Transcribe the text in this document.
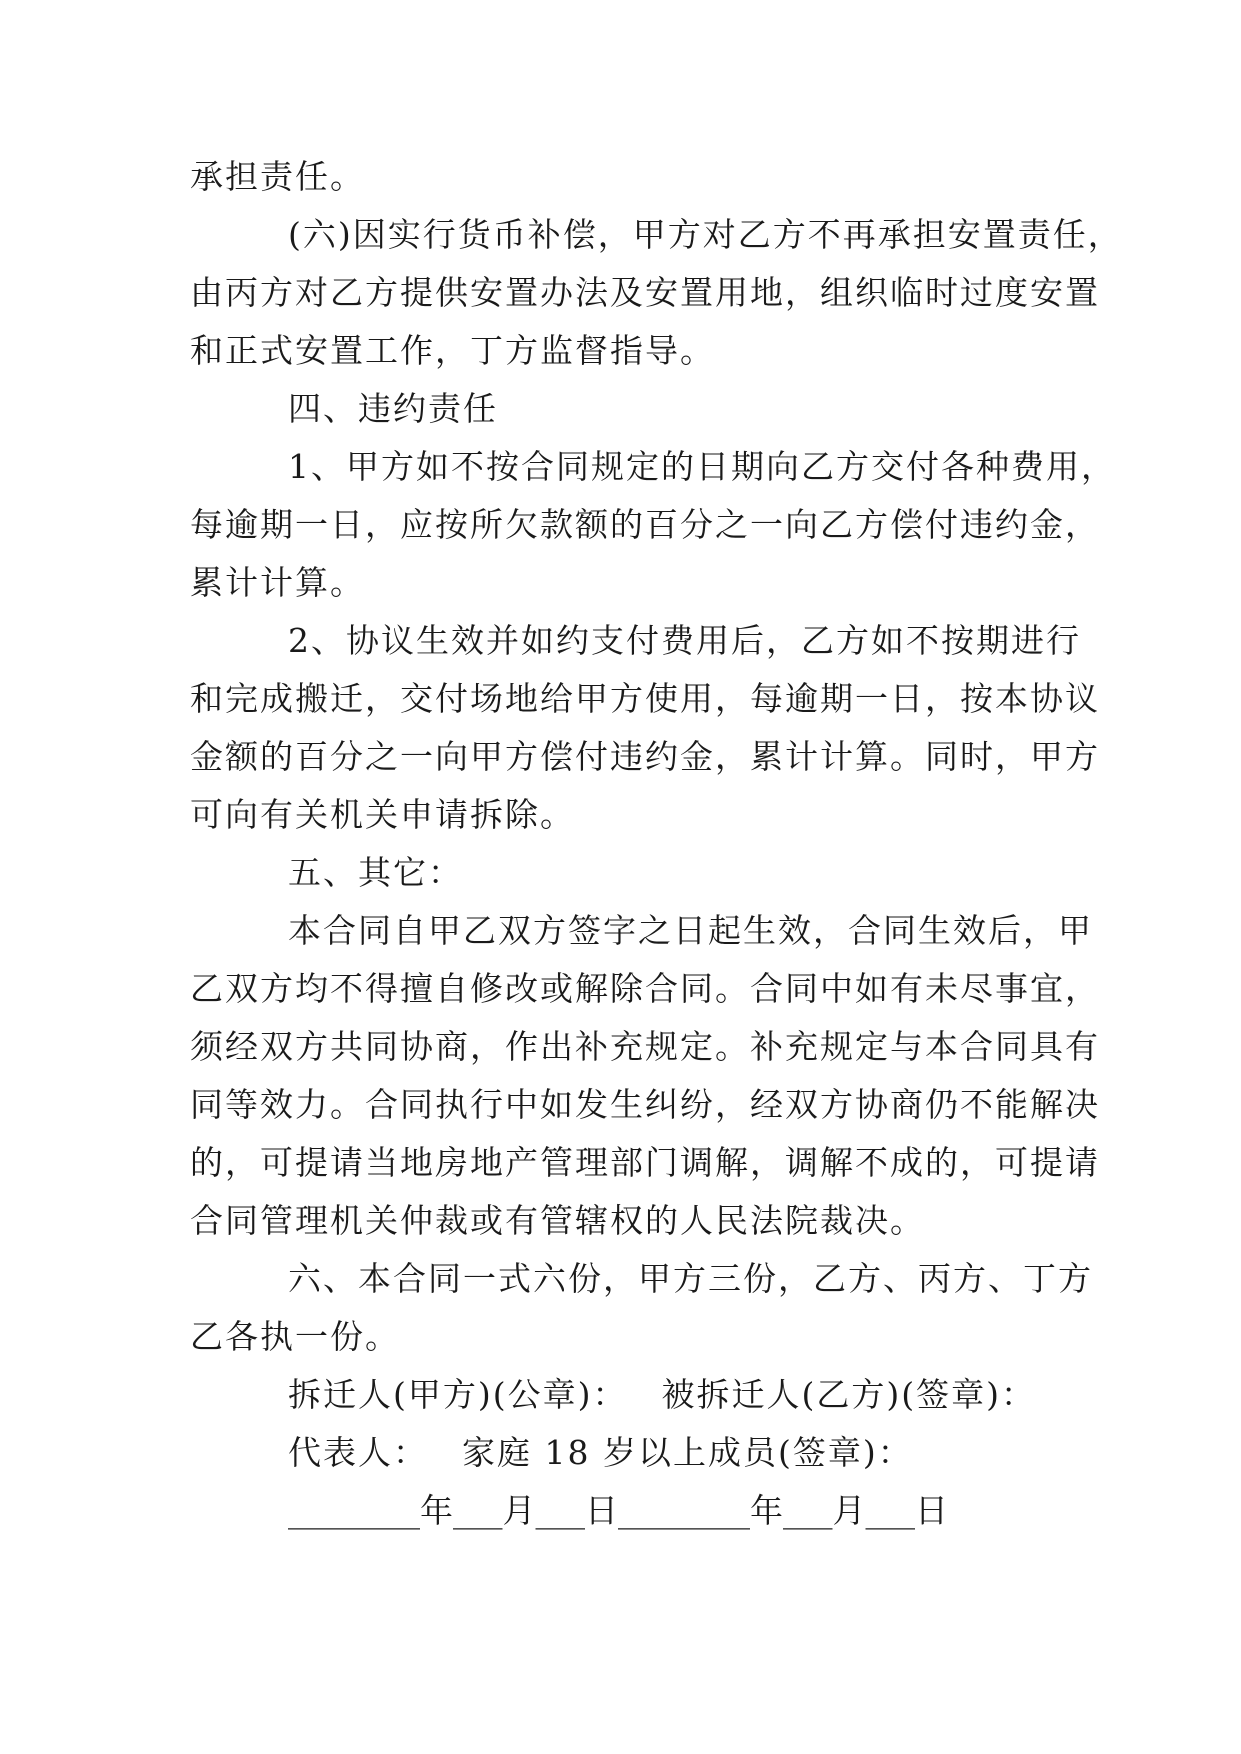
承担责任。
(六)因实行货币补偿，甲方对乙方不再承担安置责任，
由丙方对乙方提供安置办法及安置用地，组织临时过度安置
和正式安置工作，丁方监督指导。
四、违约责任
1、甲方如不按合同规定的日期向乙方交付各种费用，
每逾期一日，应按所欠款额的百分之一向乙方偿付违约金，
累计计算。
2、协议生效并如约支付费用后，乙方如不按期进行
和完成搬迁，交付场地给甲方使用，每逾期一日，按本协议
金额的百分之一向甲方偿付违约金，累计计算。同时，甲方
可向有关机关申请拆除。
五、其它：
本合同自甲乙双方签字之日起生效，合同生效后，甲
乙双方均不得擅自修改或解除合同。合同中如有未尽事宜，
须经双方共同协商，作出补充规定。补充规定与本合同具有
同等效力。合同执行中如发生纠纷，经双方协商仍不能解决
的，可提请当地房地产管理部门调解，调解不成的，可提请
合同管理机关仲裁或有管辖权的人民法院裁决。
六、本合同一式六份，甲方三份，乙方、丙方、丁方
乙各执一份。
拆迁人(甲方)(公章)： 被拆迁人(乙方)(签章)：
代表人： 家庭 18 岁以上成员(签章)：
________年___月___日________年___月___日
